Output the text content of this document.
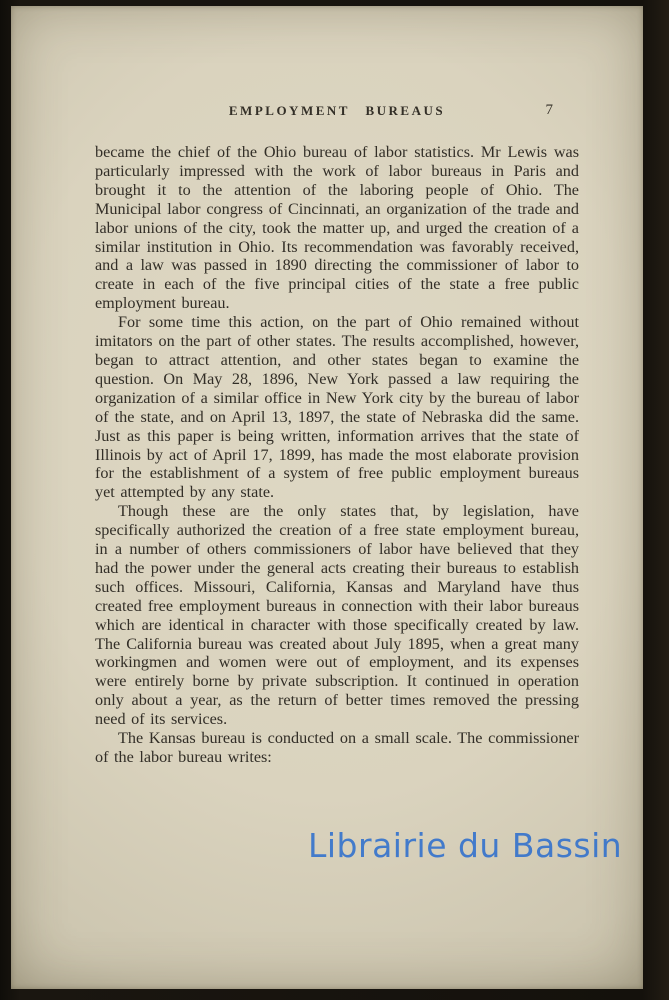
EMPLOYMENT BUREAUS	7

became the chief of the Ohio bureau of labor statistics. Mr Lewis was particularly impressed with the work of labor bureaus in Paris and brought it to the attention of the laboring people of Ohio. The Municipal labor congress of Cincinnati, an organization of the trade and labor unions of the city, took the matter up, and urged the creation of a similar institution in Ohio. Its recommendation was favorably received, and a law was passed in 1890 directing the commissioner of labor to create in each of the five principal cities of the state a free public employment bureau.

For some time this action, on the part of Ohio remained without imitators on the part of other states. The results accomplished, however, began to attract attention, and other states began to examine the question. On May 28, 1896, New York passed a law requiring the organization of a similar office in New York city by the bureau of labor of the state, and on April 13, 1897, the state of Nebraska did the same. Just as this paper is being written, information arrives that the state of Illinois by act of April 17, 1899, has made the most elaborate provision for the establishment of a system of free public employment bureaus yet attempted by any state.

Though these are the only states that, by legislation, have specifically authorized the creation of a free state employment bureau, in a number of others commissioners of labor have believed that they had the power under the general acts creating their bureaus to establish such offices. Missouri, California, Kansas and Maryland have thus created free employment bureaus in connection with their labor bureaus which are identical in character with those specifically created by law. The California bureau was created about July 1895, when a great many workingmen and women were out of employment, and its expenses were entirely borne by private subscription. It continued in operation only about a year, as the return of better times removed the pressing need of its services.

The Kansas bureau is conducted on a small scale. The commissioner of the labor bureau writes:

Librairie du Bassin
